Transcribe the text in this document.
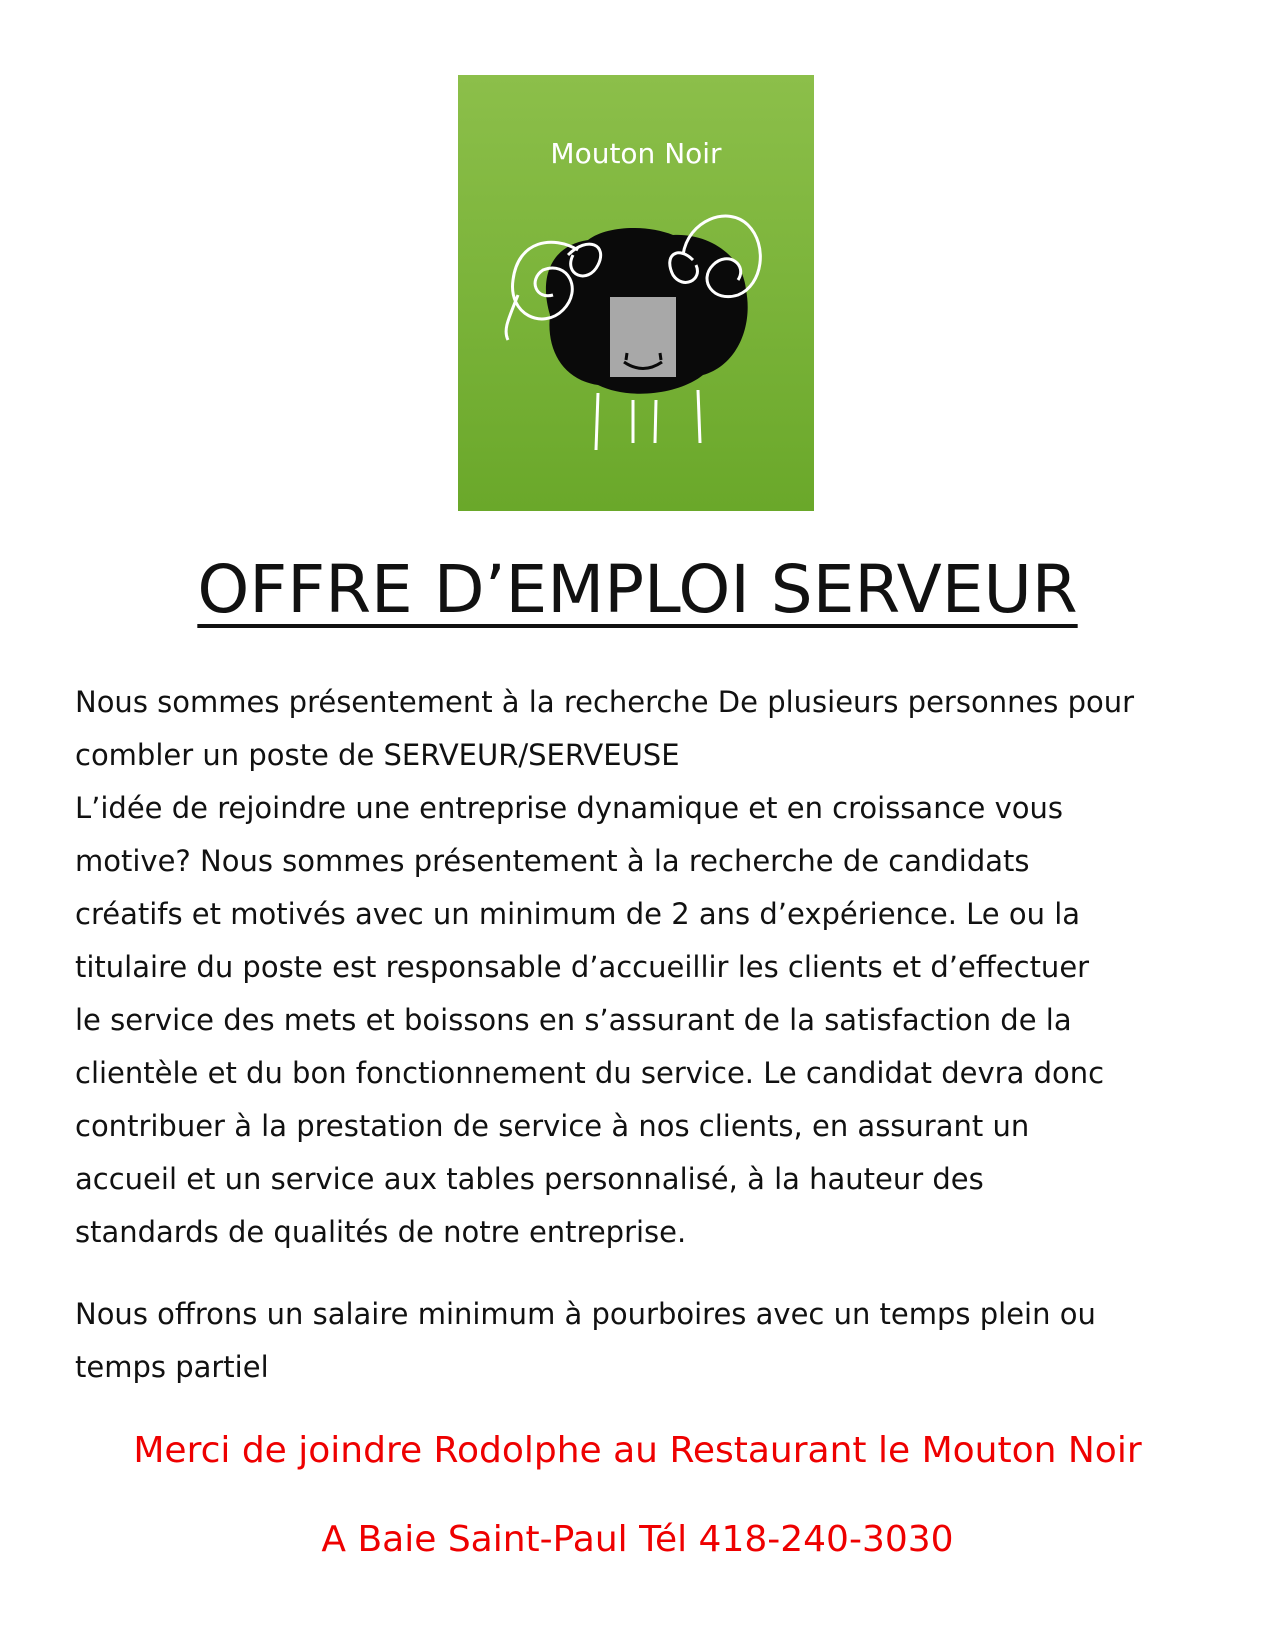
Mouton Noir
OFFRE D’EMPLOI SERVEUR

Nous sommes présentement à la recherche De plusieurs personnes pour
combler un poste de SERVEUR/SERVEUSE
L’idée de rejoindre une entreprise dynamique et en croissance vous
motive? Nous sommes présentement à la recherche de candidats
créatifs et motivés avec un minimum de 2 ans d’expérience. Le ou la
titulaire du poste est responsable d’accueillir les clients et d’effectuer
le service des mets et boissons en s’assurant de la satisfaction de la
clientèle et du bon fonctionnement du service. Le candidat devra donc
contribuer à la prestation de service à nos clients, en assurant un
accueil et un service aux tables personnalisé, à la hauteur des
standards de qualités de notre entreprise.

Nous offrons un salaire minimum à pourboires avec un temps plein ou
temps partiel

Merci de joindre Rodolphe au Restaurant le Mouton Noir

A Baie Saint-Paul Tél 418-240-3030
